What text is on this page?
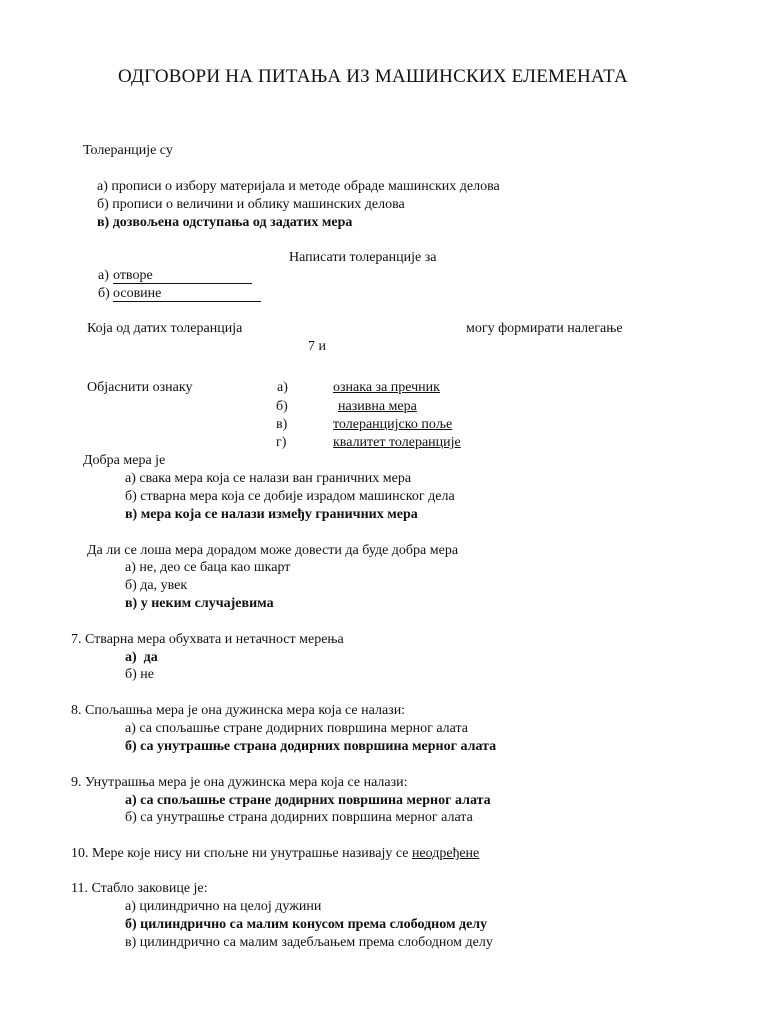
ОДГОВОРИ НА ПИТАЊА ИЗ МАШИНСКИХ ЕЛЕМЕНАТА
Толеранције су
а) прописи о избору материјала и методе обраде машинских делова
б) прописи о величини и облику машинских делова
в) дозвољена одступања од задатих мера
Написати толеранције за
а) отворе
б) осовине
Која од датих толеранција	могу формирати налегање
7 и
Објаснити ознаку	а)	ознака за пречник
б)	називна мера
в)	толеранцијско поље
г)	квалитет толеранције
Добра мера је
а) свака мера која се налази ван граничних мера
б) стварна мера која се добије израдом машинског дела
в) мера која се налази између граничних мера
Да ли се лоша мера дорадом може довести да буде добра мера
а) не, део се баца као шкарт
б) да, увек
в) у неким случајевима
7. Стварна мера обухвата и нетачност мерења
а)  да
б) не
8. Спољашња мера је она дужинска мера која се налази:
а) са спољашње стране додирних површина мерног алата
б) са унутрашње страна додирних површина мерног алата
9. Унутрашња мера је она дужинска мера која се налази:
а) са спољашње стране додирних површина мерног алата
б) са унутрашње страна додирних површина мерног алата
10. Мере које нису ни спољне ни унутрашње називају се неодређене
11. Стабло заковице је:
а) цилиндрично на целој дужини
б) цилиндрично са малим конусом према слободном делу
в) цилиндрично са малим задебљањем према слободном делу
